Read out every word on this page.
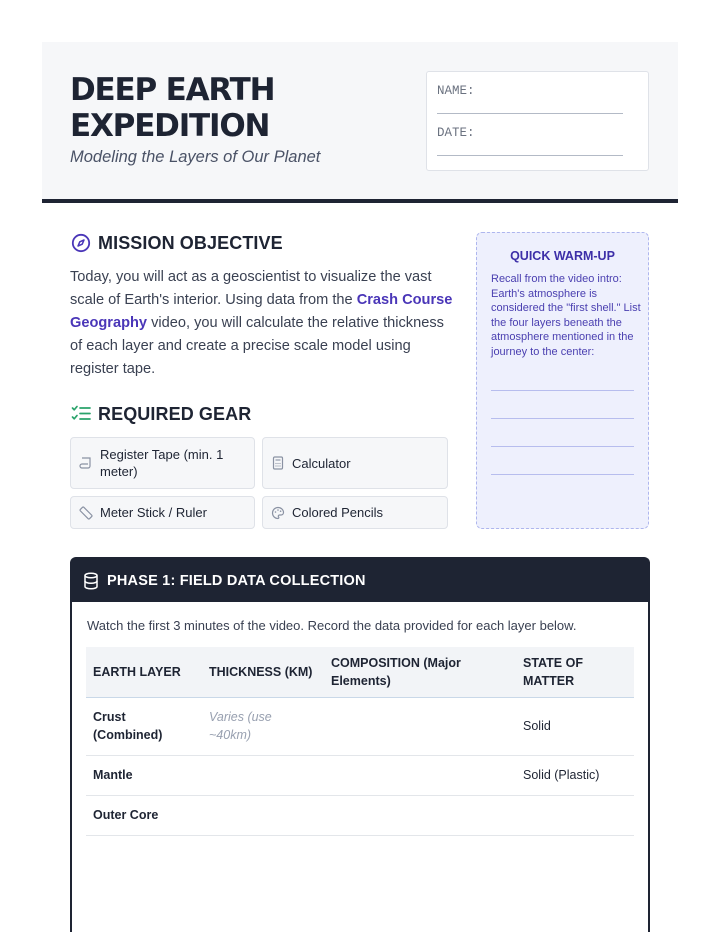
DEEP EARTH
EXPEDITION
Modeling the Layers of Our Planet
NAME:
DATE:
MISSION OBJECTIVE
Today, you will act as a geoscientist to visualize the vast scale of Earth's interior. Using data from the Crash Course Geography video, you will calculate the relative thickness of each layer and create a precise scale model using register tape.
QUICK WARM-UP
Recall from the video intro: Earth's atmosphere is considered the "first shell." List the four layers beneath the atmosphere mentioned in the journey to the center:
REQUIRED GEAR
Register Tape (min. 1 meter)
Calculator
Meter Stick / Ruler	Colored Pencils
PHASE 1: FIELD DATA COLLECTION
Watch the first 3 minutes of the video. Record the data provided for each layer below.
EARTH LAYER	THICKNESS (KM)	COMPOSITION (Major Elements)	STATE OF MATTER
Crust (Combined)	Varies (use ~40km)		Solid
Mantle			Solid (Plastic)
Outer Core			
